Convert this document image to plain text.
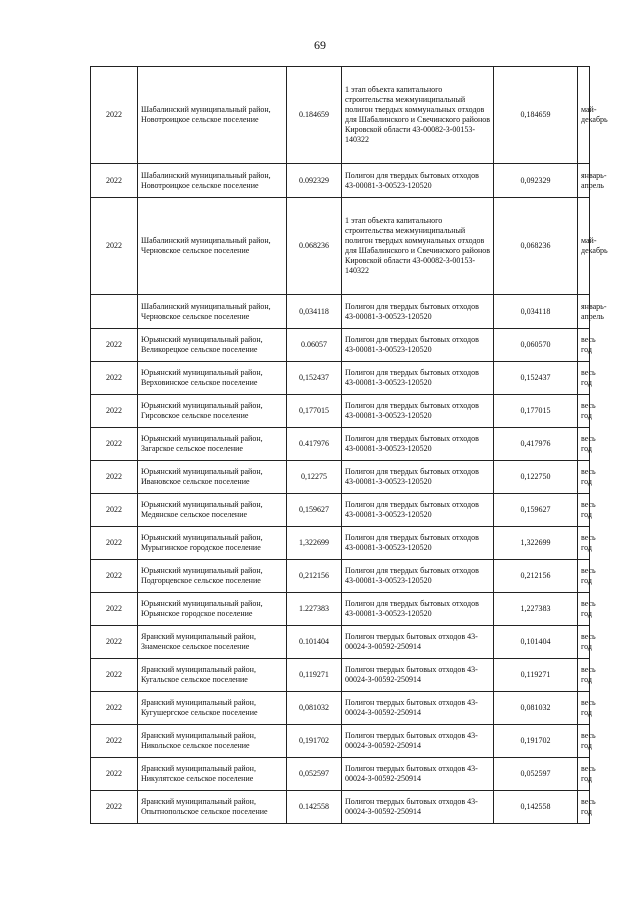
69
2022	Шабалинский муниципальный район, Новотроицкое сельское поселение	0.184659	1 этап объекта капитального строительства межмуниципальный полигон твердых коммунальных отходов для Шабалинского и Свечинского районов Кировской области 43-00082-З-00153-140322	0,184659	май-декабрь
2022	Шабалинский муниципальный район, Новотроицкое сельское поселение	0.092329	Полигон для твердых бытовых отходов 43-00081-З-00523-120520	0,092329	январь-апрель
2022	Шабалинский муниципальный район, Черновское сельское поселение	0.068236	1 этап объекта капитального строительства межмуниципальный полигон твердых коммунальных отходов для Шабалинского и Свечинского районов Кировской области 43-00082-З-00153-140322	0,068236	май-декабрь
	Шабалинский муниципальный район, Черновское сельское поселение	0,034118	Полигон для твердых бытовых отходов 43-00081-З-00523-120520	0,034118	январь-апрель
2022	Юрьянский муниципальный район, Великорецкое сельское поселение	0.06057	Полигон для твердых бытовых отходов 43-00081-З-00523-120520	0,060570	весь год
2022	Юрьянский муниципальный район, Верховинское сельское поселение	0,152437	Полигон для твердых бытовых отходов 43-00081-З-00523-120520	0,152437	весь год
2022	Юрьянский муниципальный район, Гирсовское сельское поселение	0,177015	Полигон для твердых бытовых отходов 43-00081-З-00523-120520	0,177015	весь год
2022	Юрьянский муниципальный район, Загарское сельское поселение	0.417976	Полигон для твердых бытовых отходов 43-00081-З-00523-120520	0,417976	весь год
2022	Юрьянский муниципальный район, Ивановское сельское поселение	0,12275	Полигон для твердых бытовых отходов 43-00081-З-00523-120520	0,122750	весь год
2022	Юрьянский муниципальный район, Медянское сельское поселение	0,159627	Полигон для твердых бытовых отходов 43-00081-З-00523-120520	0,159627	весь год
2022	Юрьянский муниципальный район, Мурыгинское городское поселение	1,322699	Полигон для твердых бытовых отходов 43-00081-З-00523-120520	1,322699	весь год
2022	Юрьянский муниципальный район, Подгорцевское сельское поселение	0,212156	Полигон для твердых бытовых отходов 43-00081-З-00523-120520	0,212156	весь год
2022	Юрьянский муниципальный район, Юрьянское городское поселение	1.227383	Полигон для твердых бытовых отходов 43-00081-З-00523-120520	1,227383	весь год
2022	Яранский муниципальный район, Знаменское сельское поселение	0.101404	Полигон твердых бытовых отходов 43-00024-З-00592-250914	0,101404	весь год
2022	Яранский муниципальный район, Кугальское сельское поселение	0,119271	Полигон твердых бытовых отходов 43-00024-З-00592-250914	0,119271	весь год
2022	Яранский муниципальный район, Кугушергское сельское поселение	0,081032	Полигон твердых бытовых отходов 43-00024-З-00592-250914	0,081032	весь год
2022	Яранский муниципальный район, Никольское сельское поселение	0,191702	Полигон твердых бытовых отходов 43-00024-З-00592-250914	0,191702	весь год
2022	Яранский муниципальный район, Никулятское сельское поселение	0,052597	Полигон твердых бытовых отходов 43-00024-З-00592-250914	0,052597	весь год
2022	Яранский муниципальный район, Опытнопольское сельское поселение	0.142558	Полигон твердых бытовых отходов 43-00024-З-00592-250914	0,142558	весь год
